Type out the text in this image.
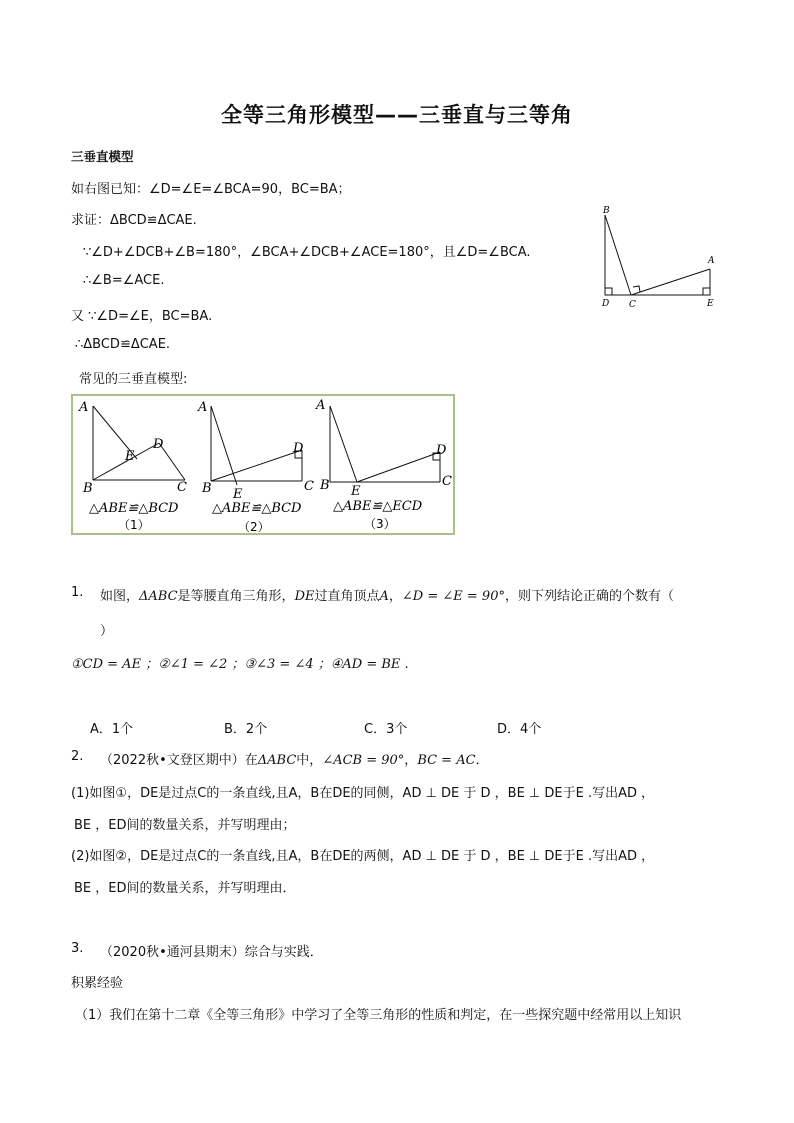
全等三角形模型——三垂直与三等角
三垂直模型
如右图已知：∠D=∠E=∠BCA=90，BC=BA；
求证：ΔBCD≌ΔCAE.
∵∠D+∠DCB+∠B=180°，∠BCA+∠DCB+∠ACE=180°，且∠D=∠BCA.
∴∠B=∠ACE.
又 ∵∠D=∠E，BC=BA.
∴ΔBCD≌ΔCAE.
常见的三垂直模型:
B
A
D C	E
A
D
E
B	C
△ABE≌△BCD
（1）
A
D
B E
C
△ABE≌△BCD
（2）
A
D
C
B E
△ABE≌△ECD
（3）
1. 如图，ΔABC是等腰直角三角形，DE过直角顶点A，∠D = ∠E = 90°，则下列结论正确的个数有（
）
①CD = AE ；②∠1 = ∠2 ；③∠3 = ∠4 ；④AD = BE .
A．1个	B．2个	C．3个	D．4个
2. （2022秋•文登区期中）在ΔABC中，∠ACB = 90°，BC = AC．
(1)如图①，DE是过点C的一条直线,且A，B在DE的同侧，AD ⊥ DE 于 D ，BE ⊥ DE于E .写出AD ，
BE ，ED间的数量关系，并写明理由；
(2)如图②，DE是过点C的一条直线,且A，B在DE的两侧，AD ⊥ DE 于 D ，BE ⊥ DE于E .写出AD ，
BE ，ED间的数量关系，并写明理由．
3. （2020秋•通河县期末）综合与实践．
积累经验
（1）我们在第十二章《全等三角形》中学习了全等三角形的性质和判定，在一些探究题中经常用以上知识
